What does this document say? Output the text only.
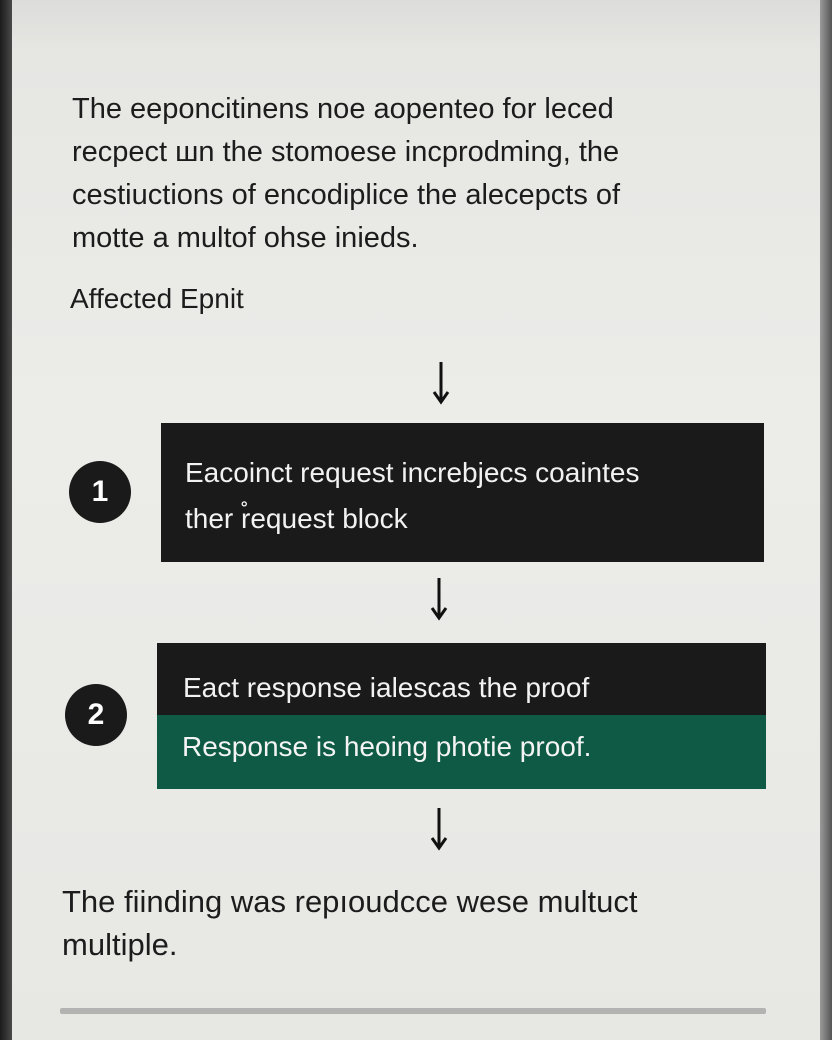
The eeponcitinens noe aopenteo for leced
recpect шn the stomoese incprodming, the
cestiuctions of encodiplice the alecepcts of
motte a multof ohse inieds.

Affected Epnit

1
Eacoinct request increbjecs coaintes
ther r̊equest block
2
Eact response ialescas the proof
Response is heoing photie proof.

The fiinding was repıoudcce wese multuct
multiple.
